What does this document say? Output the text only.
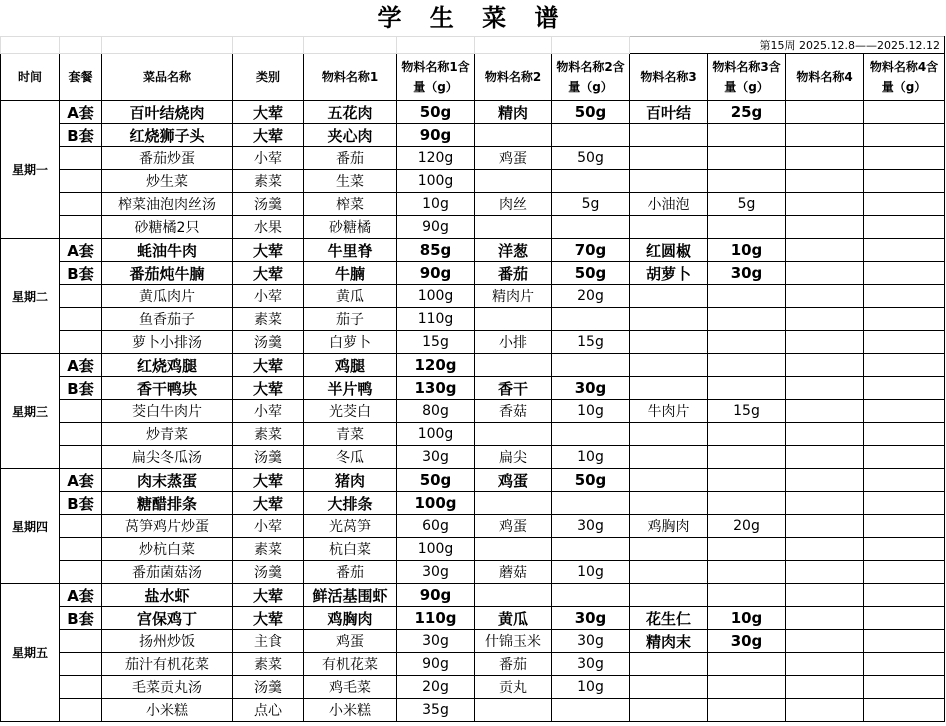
学 生 菜 谱
								第15周 2025.12.8——2025.12.12			
时间	套餐	菜品名称	类别	物料名称1	物料名称1含量（g）	物料名称2	物料名称2含量（g）	物料名称3	物料名称3含量（g）	物料名称4	物料名称4含量（g）
星期一	A套	百叶结烧肉	大荤	五花肉	50g	精肉	50g	百叶结	25g		
	B套	红烧狮子头	大荤	夹心肉	90g						
		番茄炒蛋	小荤	番茄	120g	鸡蛋	50g				
		炒生菜	素菜	生菜	100g						
		榨菜油泡肉丝汤	汤羹	榨菜	10g	肉丝	5g	小油泡	5g		
		砂糖橘2只	水果	砂糖橘	90g						
星期二	A套	蚝油牛肉	大荤	牛里脊	85g	洋葱	70g	红圆椒	10g		
	B套	番茄炖牛腩	大荤	牛腩	90g	番茄	50g	胡萝卜	30g		
		黄瓜肉片	小荤	黄瓜	100g	精肉片	20g				
		鱼香茄子	素菜	茄子	110g						
		萝卜小排汤	汤羹	白萝卜	15g	小排	15g				
星期三	A套	红烧鸡腿	大荤	鸡腿	120g						
	B套	香干鸭块	大荤	半片鸭	130g	香干	30g				
		茭白牛肉片	小荤	光茭白	80g	香菇	10g	牛肉片	15g		
		炒青菜	素菜	青菜	100g						
		扁尖冬瓜汤	汤羹	冬瓜	30g	扁尖	10g				
星期四	A套	肉末蒸蛋	大荤	猪肉	50g	鸡蛋	50g				
	B套	糖醋排条	大荤	大排条	100g						
		莴笋鸡片炒蛋	小荤	光莴笋	60g	鸡蛋	30g	鸡胸肉	20g		
		炒杭白菜	素菜	杭白菜	100g						
		番茄菌菇汤	汤羹	番茄	30g	蘑菇	10g				
星期五	A套	盐水虾	大荤	鲜活基围虾	90g						
	B套	宫保鸡丁	大荤	鸡胸肉	110g	黄瓜	30g	花生仁	10g		
		扬州炒饭	主食	鸡蛋	30g	什锦玉米	30g	精肉末	30g		
		茄汁有机花菜	素菜	有机花菜	90g	番茄	30g				
		毛菜贡丸汤	汤羹	鸡毛菜	20g	贡丸	10g				
		小米糕	点心	小米糕	35g						
